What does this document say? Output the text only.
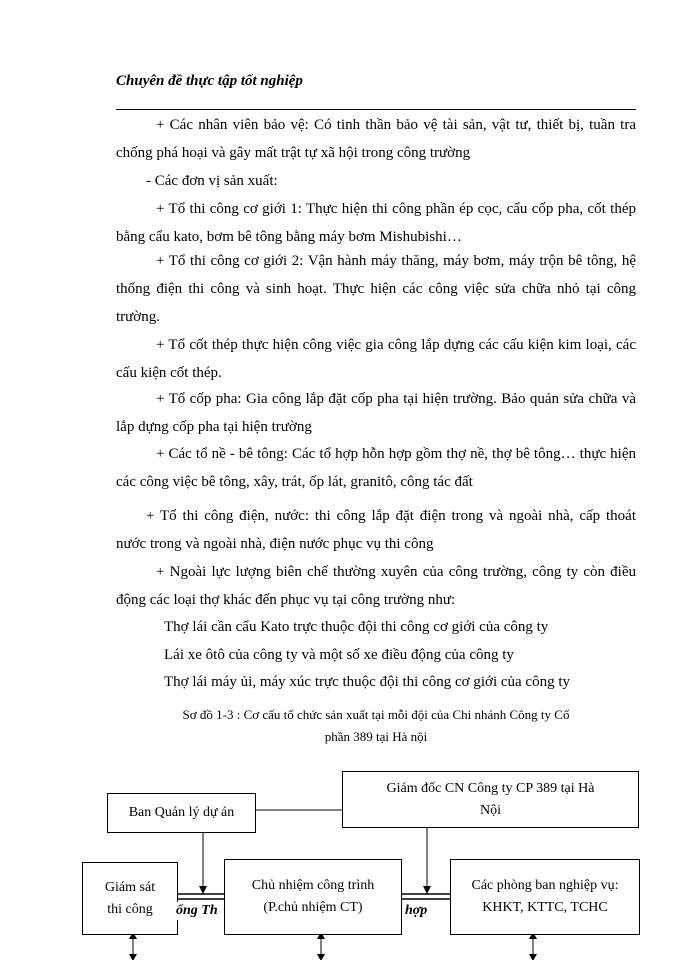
Chuyên đề thực tập tốt nghiệp

+ Các nhân viên bảo vệ: Có tinh thần bảo vệ tài sản, vật tư, thiết bị, tuần tra chống phá hoại và gây mất trật tự xã hội trong công trường

- Các đơn vị sản xuất:

+ Tổ thi công cơ giới 1: Thực hiện thi công phần ép cọc, cẩu cốp pha, cốt thép bằng cẩu kato, bơm bê tông bằng máy bơm Mishubishi…

+ Tổ thi công cơ giới 2: Vận hành máy thăng, máy bơm, máy trộn bê tông, hệ thống điện thi công và sinh hoạt. Thực hiện các công việc sửa chữa nhỏ tại công trường.

+ Tổ cốt thép thực hiện công việc gia công lắp dựng các cấu kiện kim loại, các cấu kiện cốt thép.

+ Tổ cốp pha: Gia công lắp đặt cốp pha tại hiện trường. Bảo quản sửa chữa và lắp dựng cốp pha tại hiện trường

+ Các tổ nề - bê tông: Các tổ hợp hỗn hợp gồm thợ nề, thợ bê tông… thực hiện các công việc bê tông, xây, trát, ốp lát, granitô, công tác đất

+ Tổ thi công điện, nước: thi công lắp đặt điện trong và ngoài nhà, cấp thoát nước trong và ngoài nhà, điện nước phục vụ thi công

+ Ngoài lực lượng biên chế thường xuyên của công trường, công ty còn điều động các loại thợ khác đến phục vụ tại công trường như:

Thợ lái cần cẩu Kato trực thuộc đội thi công cơ giới của công ty
Lái xe ôtô của công ty và một số xe điều động của công ty
Thợ lái máy ủi, máy xúc trực thuộc đội thi công cơ giới của công ty
Sơ đồ 1-3 : Cơ cấu tổ chức sản xuất tại mỗi đội của Chi nhánh Công ty Cổ
phần 389 tại Hà nội
Giám đốc CN Công ty CP 389 tại Hà
Nội
Ban Quản lý dự án
Giám sát
thi công
Chủ nhiệm công trình
(P.chủ nhiệm CT)
Các phòng ban nghiệp vụ:
KHKT, KTTC, TCHC
ổng Th	hợp
